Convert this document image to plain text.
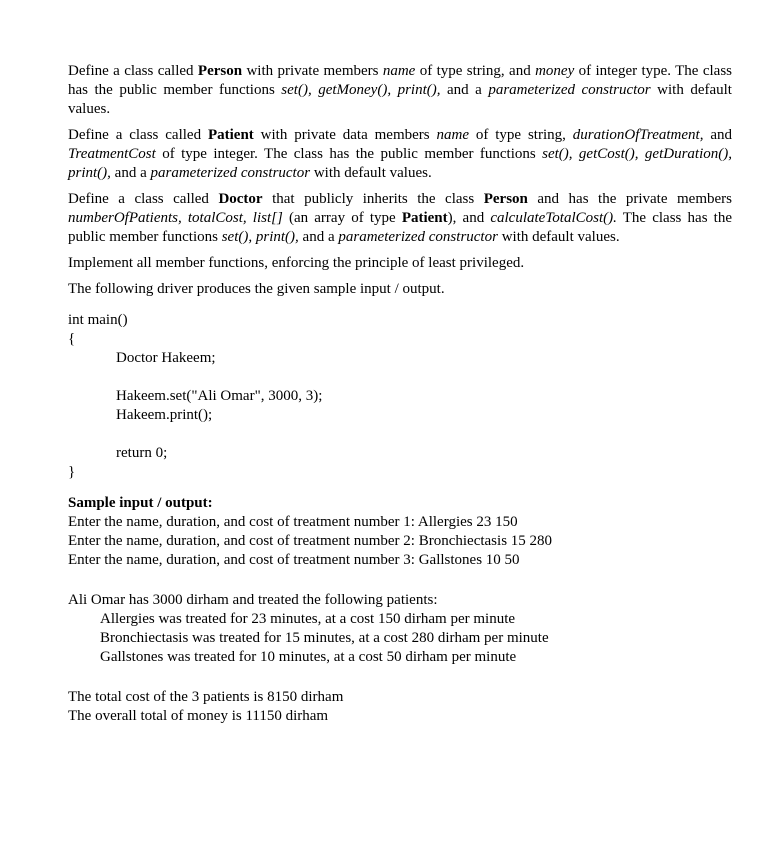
Define a class called Person with private members name of type string, and money of integer type. The class has the public member functions set(), getMoney(), print(), and a parameterized constructor with default values.

Define a class called Patient with private data members name of type string, durationOfTreatment, and TreatmentCost of type integer. The class has the public member functions set(), getCost(), getDuration(), print(), and a parameterized constructor with default values.

Define a class called Doctor that publicly inherits the class Person and has the private members numberOfPatients, totalCost, list[] (an array of type Patient), and calculateTotalCost(). The class has the public member functions set(), print(), and a parameterized constructor with default values.

Implement all member functions, enforcing the principle of least privileged.

The following driver produces the given sample input / output.

int main()
{
Doctor Hakeem;
Hakeem.set("Ali Omar", 3000, 3);
Hakeem.print();
return 0;
}
Sample input / output:
Enter the name, duration, and cost of treatment number 1: Allergies 23 150
Enter the name, duration, and cost of treatment number 2: Bronchiectasis 15 280
Enter the name, duration, and cost of treatment number 3: Gallstones 10 50
Ali Omar has 3000 dirham and treated the following patients:
Allergies was treated for 23 minutes, at a cost 150 dirham per minute
Bronchiectasis was treated for 15 minutes, at a cost 280 dirham per minute
Gallstones was treated for 10 minutes, at a cost 50 dirham per minute
The total cost of the 3 patients is 8150 dirham
The overall total of money is 11150 dirham
